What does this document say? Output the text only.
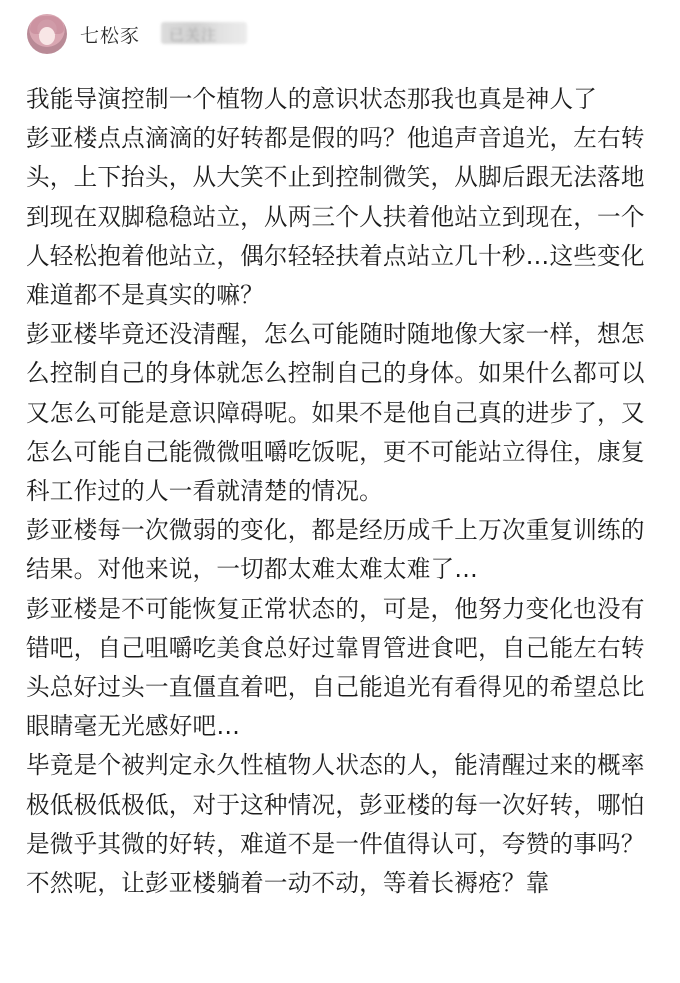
七松豕 已关注

我能导演控制一个植物人的意识状态那我也真是神人了

彭亚楼点点滴滴的好转都是假的吗？他追声音追光，左右转头，上下抬头，从大笑不止到控制微笑，从脚后跟无法落地到现在双脚稳稳站立，从两三个人扶着他站立到现在，一个人轻松抱着他站立，偶尔轻轻扶着点站立几十秒…这些变化难道都不是真实的嘛？

彭亚楼毕竟还没清醒，怎么可能随时随地像大家一样，想怎么控制自己的身体就怎么控制自己的身体。如果什么都可以又怎么可能是意识障碍呢。如果不是他自己真的进步了，又怎么可能自己能微微咀嚼吃饭呢，更不可能站立得住，康复科工作过的人一看就清楚的情况。

彭亚楼每一次微弱的变化，都是经历成千上万次重复训练的结果。对他来说，一切都太难太难太难了…

彭亚楼是不可能恢复正常状态的，可是，他努力变化也没有错吧，自己咀嚼吃美食总好过靠胃管进食吧，自己能左右转头总好过头一直僵直着吧，自己能追光有看得见的希望总比眼睛毫无光感好吧…

毕竟是个被判定永久性植物人状态的人，能清醒过来的概率极低极低极低，对于这种情况，彭亚楼的每一次好转，哪怕是微乎其微的好转，难道不是一件值得认可，夸赞的事吗？不然呢，让彭亚楼躺着一动不动，等着长褥疮？靠
